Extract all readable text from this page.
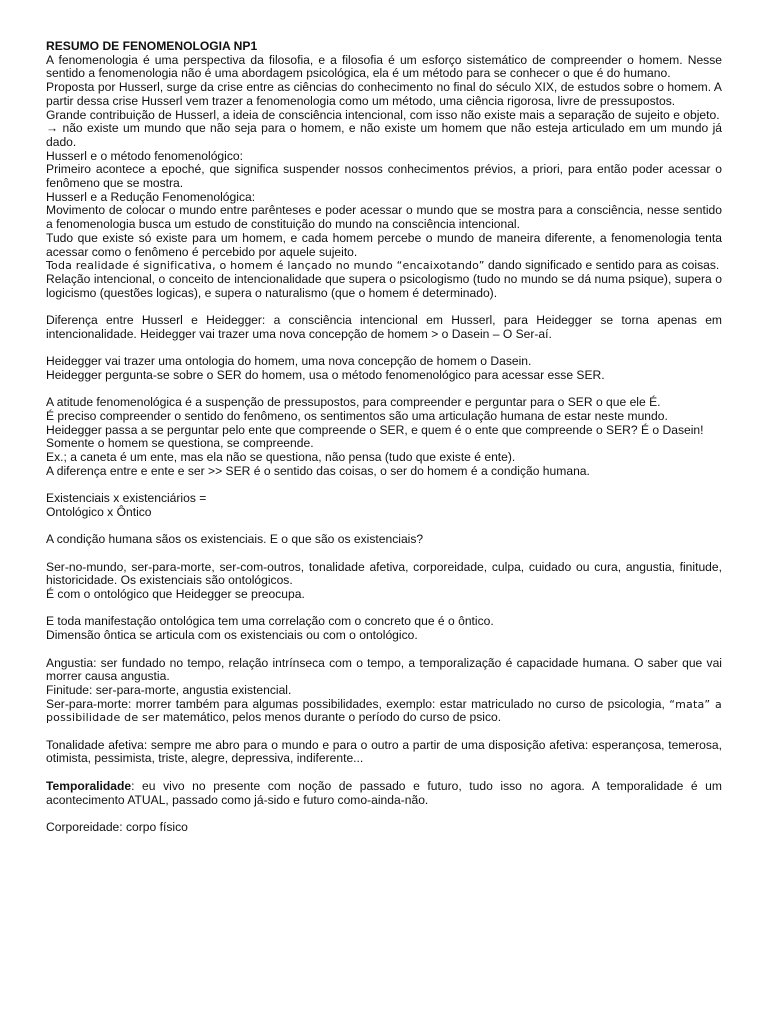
RESUMO DE FENOMENOLOGIA NP1

A fenomenologia é uma perspectiva da filosofia, e a filosofia é um esforço sistemático de compreender o homem. Nesse sentido a fenomenologia não é uma abordagem psicológica, ela é um método para se conhecer o que é do humano.

Proposta por Husserl, surge da crise entre as ciências do conhecimento no final do século XIX, de estudos sobre o homem. A partir dessa crise Husserl vem trazer a fenomenologia como um método, uma ciência rigorosa, livre de pressupostos.

Grande contribuição de Husserl, a ideia de consciência intencional, com isso não existe mais a separação de sujeito e objeto.

→ não existe um mundo que não seja para o homem, e não existe um homem que não esteja articulado em um mundo já dado.

Husserl e o método fenomenológico:

Primeiro acontece a epoché, que significa suspender nossos conhecimentos prévios, a priori, para então poder acessar o fenômeno que se mostra.

Husserl e a Redução Fenomenológica:

Movimento de colocar o mundo entre parênteses e poder acessar o mundo que se mostra para a consciência, nesse sentido a fenomenologia busca um estudo de constituição do mundo na consciência intencional.

Tudo que existe só existe para um homem, e cada homem percebe o mundo de maneira diferente, a fenomenologia tenta acessar como o fenômeno é percebido por aquele sujeito.

Toda realidade é significativa, o homem é lançado no mundo “encaixotando” dando significado e sentido para as coisas.

Relação intencional, o conceito de intencionalidade que supera o psicologismo (tudo no mundo se dá numa psique), supera o logicismo (questões logicas), e supera o naturalismo (que o homem é determinado).

Diferença entre Husserl e Heidegger: a consciência intencional em Husserl, para Heidegger se torna apenas em intencionalidade. Heidegger vai trazer uma nova concepção de homem > o Dasein – O Ser-aí.

Heidegger vai trazer uma ontologia do homem, uma nova concepção de homem o Dasein.

Heidegger pergunta-se sobre o SER do homem, usa o método fenomenológico para acessar esse SER.

A atitude fenomenológica é a suspenção de pressupostos, para compreender e perguntar para o SER o que ele É.

É preciso compreender o sentido do fenômeno, os sentimentos são uma articulação humana de estar neste mundo.

Heidegger passa a se perguntar pelo ente que compreende o SER, e quem é o ente que compreende o SER? É o Dasein!

Somente o homem se questiona, se compreende.

Ex.; a caneta é um ente, mas ela não se questiona, não pensa (tudo que existe é ente).

A diferença entre e ente e ser >> SER é o sentido das coisas, o ser do homem é a condição humana.

Existenciais x existenciários =

Ontológico x Ôntico

A condição humana sãos os existenciais. E o que são os existenciais?

Ser-no-mundo, ser-para-morte, ser-com-outros, tonalidade afetiva, corporeidade, culpa, cuidado ou cura, angustia, finitude, historicidade. Os existenciais são ontológicos.

É com o ontológico que Heidegger se preocupa.

E toda manifestação ontológica tem uma correlação com o concreto que é o ôntico.

Dimensão ôntica se articula com os existenciais ou com o ontológico.

Angustia: ser fundado no tempo, relação intrínseca com o tempo, a temporalização é capacidade humana. O saber que vai morrer causa angustia.

Finitude: ser-para-morte, angustia existencial.

Ser-para-morte: morrer também para algumas possibilidades, exemplo: estar matriculado no curso de psicologia, “mata” a possibilidade de ser matemático, pelos menos durante o período do curso de psico.

Tonalidade afetiva: sempre me abro para o mundo e para o outro a partir de uma disposição afetiva: esperançosa, temerosa, otimista, pessimista, triste, alegre, depressiva, indiferente...

Temporalidade: eu vivo no presente com noção de passado e futuro, tudo isso no agora. A temporalidade é um acontecimento ATUAL, passado como já-sido e futuro como-ainda-não.

Corporeidade: corpo físico
